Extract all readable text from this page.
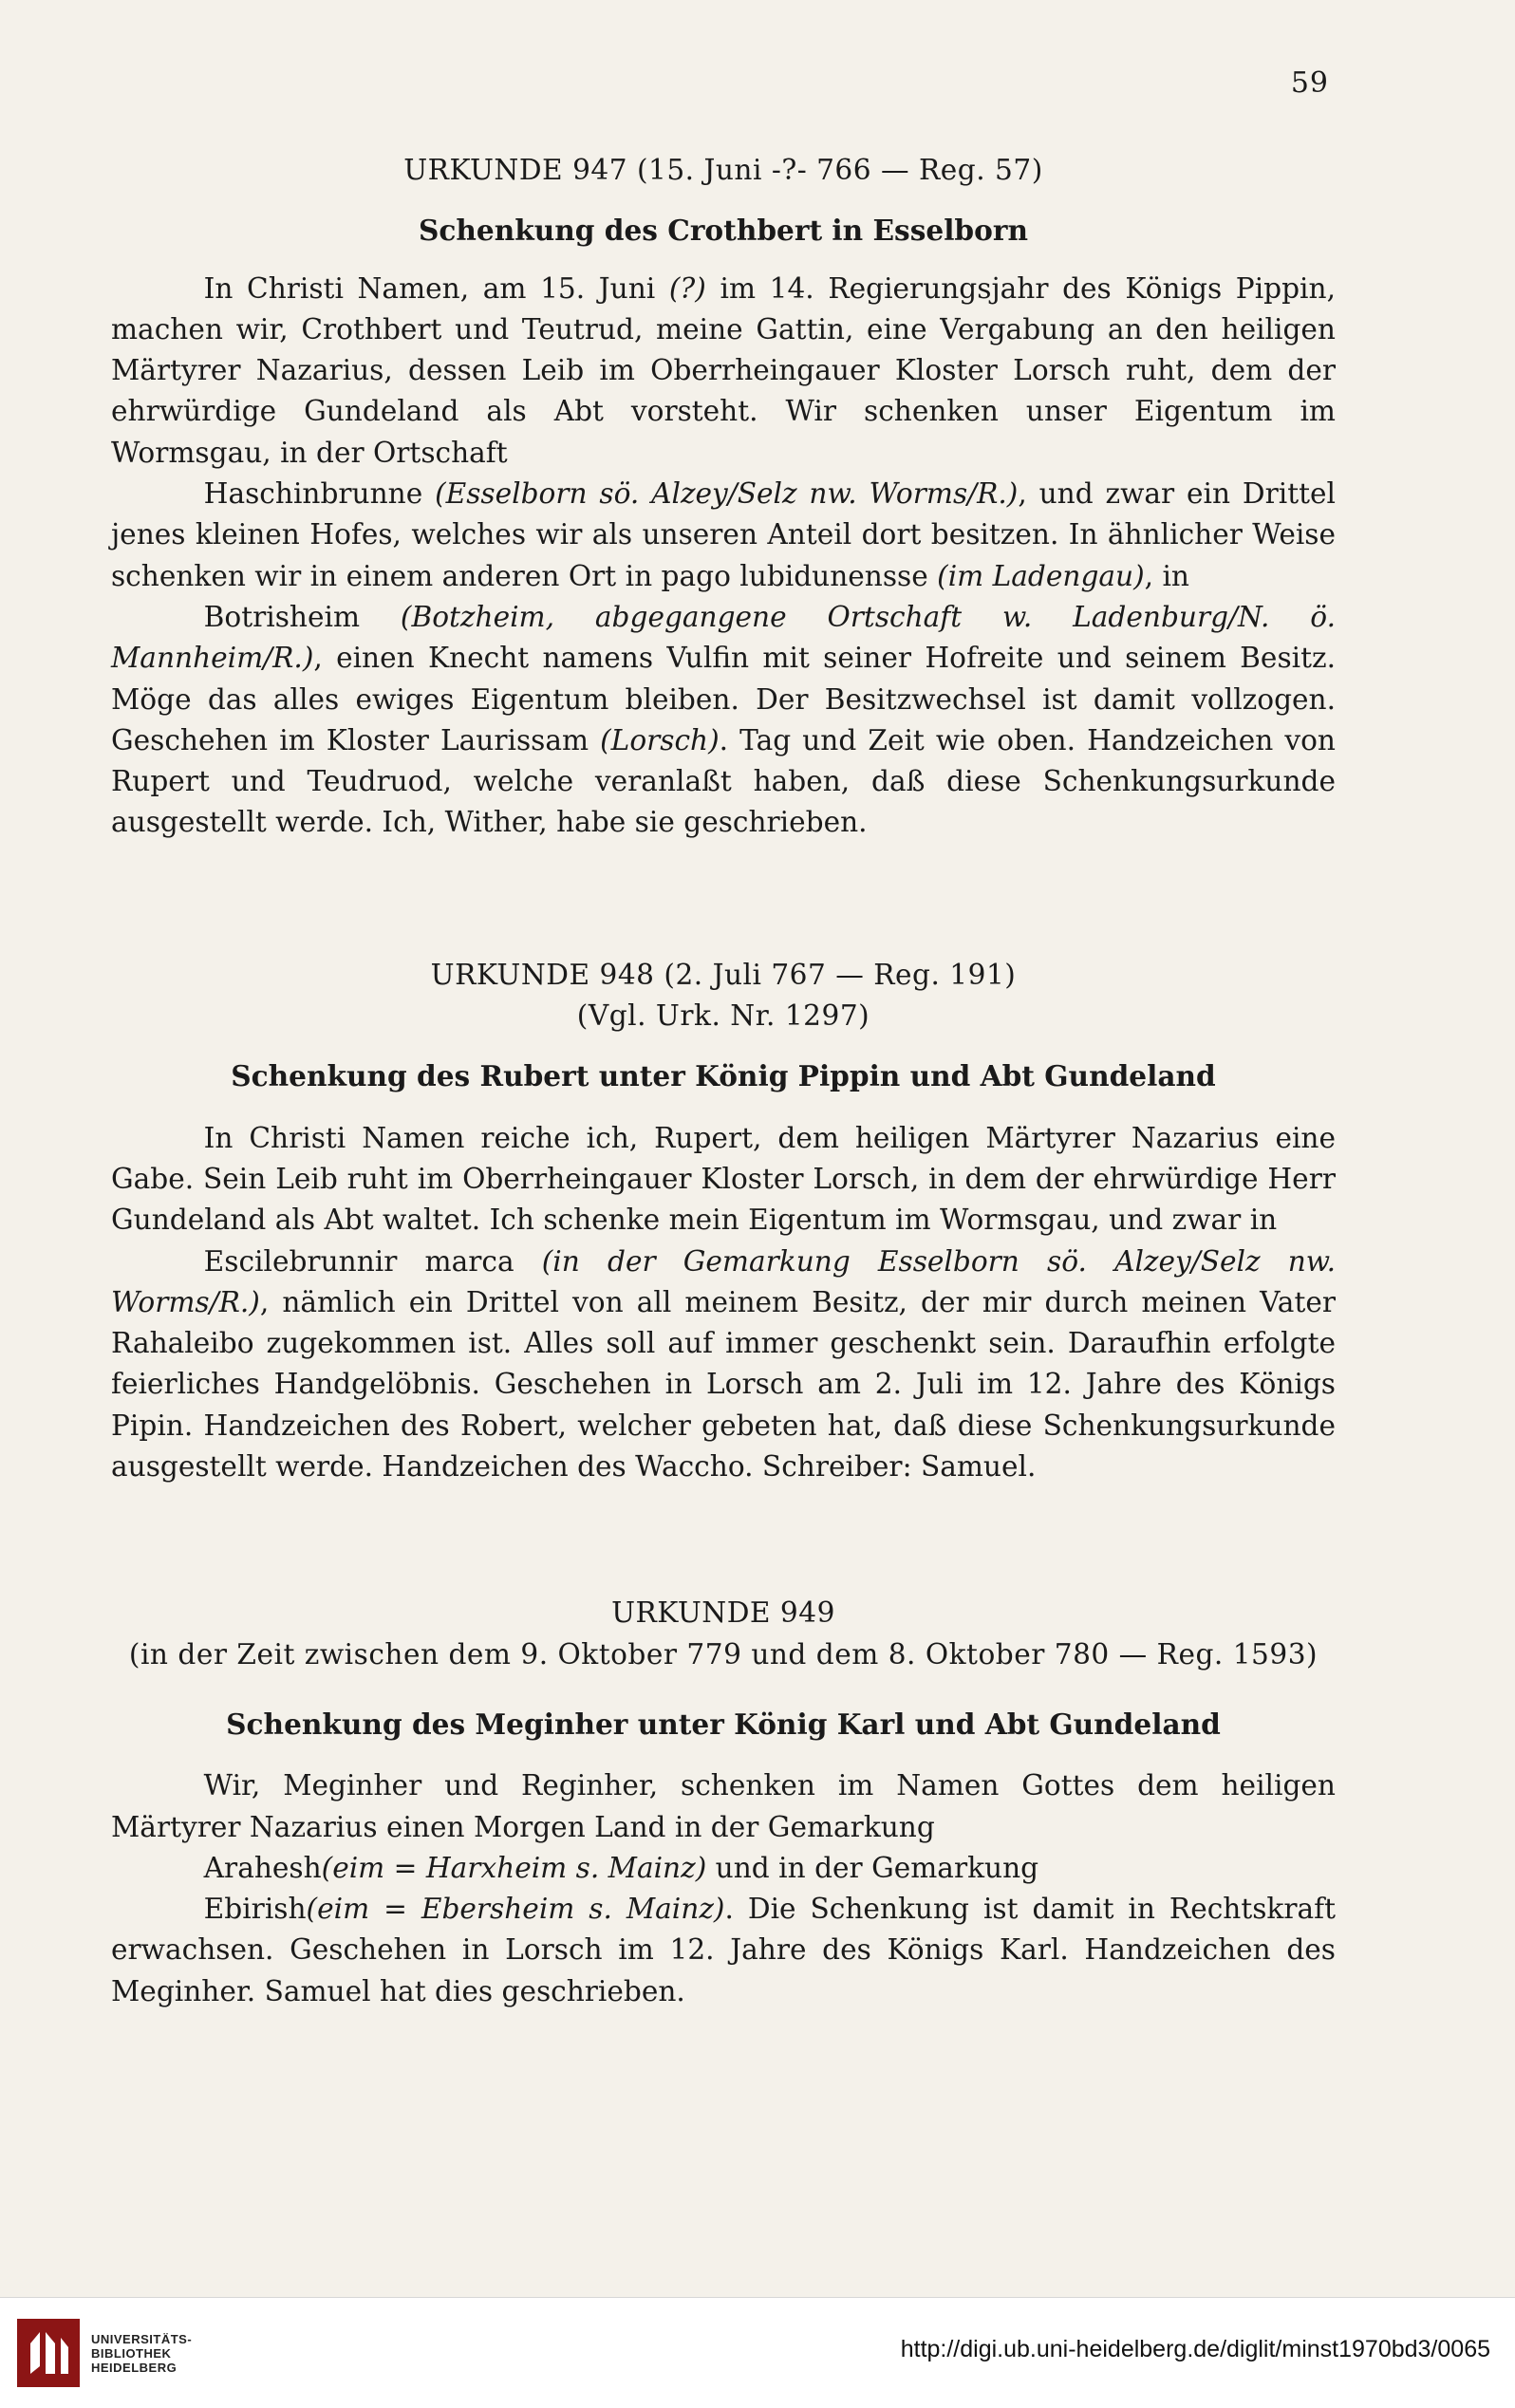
59

URKUNDE 947 (15. Juni -?- 766 — Reg. 57)

Schenkung des Crothbert in Esselborn

In Christi Namen, am 15. Juni (?) im 14. Regierungsjahr des Königs Pippin, machen wir, Crothbert und Teutrud, meine Gattin, eine Vergabung an den heiligen Märtyrer Nazarius, dessen Leib im Oberrheingauer Kloster Lorsch ruht, dem der ehrwürdige Gundeland als Abt vorsteht. Wir schenken unser Eigentum im Wormsgau, in der Ortschaft

Haschinbrunne (Esselborn sö. Alzey/Selz nw. Worms/R.), und zwar ein Drittel jenes kleinen Hofes, welches wir als unseren Anteil dort besitzen. In ähnlicher Weise schenken wir in einem anderen Ort in pago lubidunensse (im Ladengau), in

Botrisheim (Botzheim, abgegangene Ortschaft w. Ladenburg/N. ö. Mannheim/R.), einen Knecht namens Vulfin mit seiner Hofreite und seinem Besitz. Möge das alles ewiges Eigentum bleiben. Der Besitzwechsel ist damit vollzogen. Geschehen im Kloster Laurissam (Lorsch). Tag und Zeit wie oben. Handzeichen von Rupert und Teudruod, welche veranlaßt haben, daß diese Schenkungsurkunde ausgestellt werde. Ich, Wither, habe sie geschrieben.

URKUNDE 948 (2. Juli 767 — Reg. 191)

(Vgl. Urk. Nr. 1297)

Schenkung des Rubert unter König Pippin und Abt Gundeland

In Christi Namen reiche ich, Rupert, dem heiligen Märtyrer Nazarius eine Gabe. Sein Leib ruht im Oberrheingauer Kloster Lorsch, in dem der ehrwürdige Herr Gundeland als Abt waltet. Ich schenke mein Eigentum im Wormsgau, und zwar in

Escilebrunnir marca (in der Gemarkung Esselborn sö. Alzey/Selz nw. Worms/R.), nämlich ein Drittel von all meinem Besitz, der mir durch meinen Vater Rahaleibo zugekommen ist. Alles soll auf immer geschenkt sein. Daraufhin erfolgte feierliches Handgelöbnis. Geschehen in Lorsch am 2. Juli im 12. Jahre des Königs Pipin. Handzeichen des Robert, welcher gebeten hat, daß diese Schenkungsurkunde ausgestellt werde. Handzeichen des Waccho. Schreiber: Samuel.

URKUNDE 949

(in der Zeit zwischen dem 9. Oktober 779 und dem 8. Oktober 780 — Reg. 1593)

Schenkung des Meginher unter König Karl und Abt Gundeland

Wir, Meginher und Reginher, schenken im Namen Gottes dem heiligen Märtyrer Nazarius einen Morgen Land in der Gemarkung

Arahesh(eim = Harxheim s. Mainz) und in der Gemarkung

Ebirish(eim = Ebersheim s. Mainz). Die Schenkung ist damit in Rechtskraft erwachsen. Geschehen in Lorsch im 12. Jahre des Königs Karl. Handzeichen des Meginher. Samuel hat dies geschrieben.

UNIVERSITÄTS-
BIBLIOTHEK
HEIDELBERG
http://digi.ub.uni-heidelberg.de/diglit/minst1970bd3/0065
